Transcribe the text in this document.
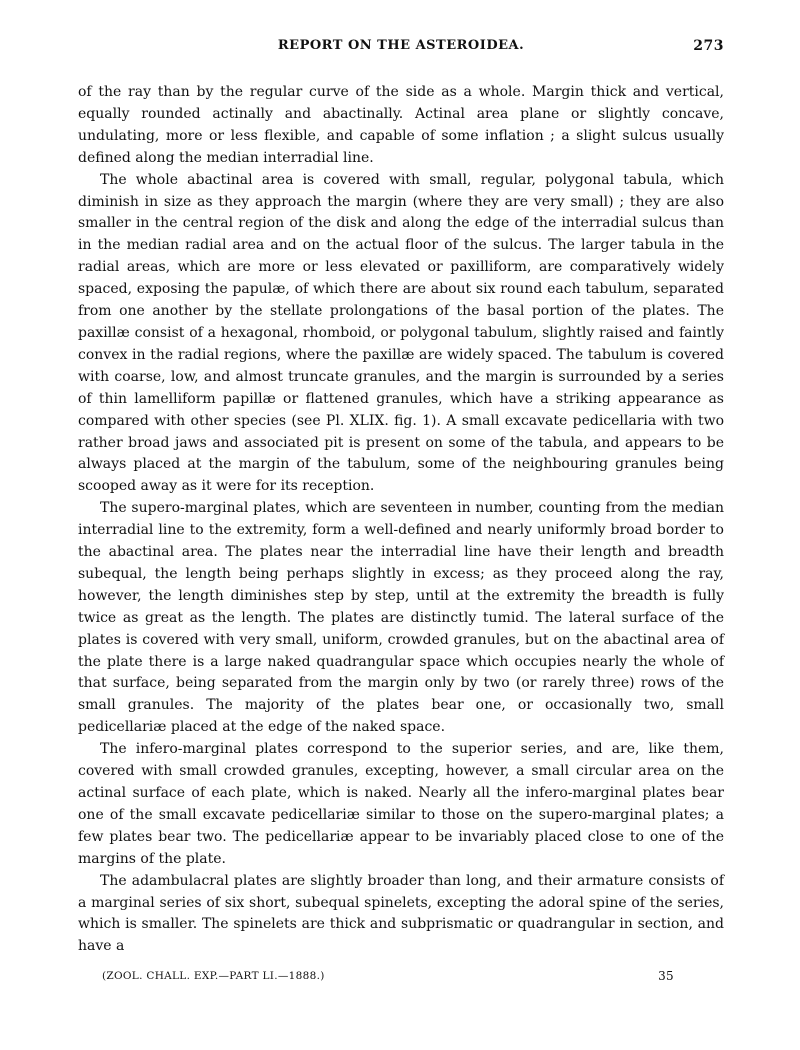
REPORT ON THE ASTEROIDEA.	273

of the ray than by the regular curve of the side as a whole. Margin thick and vertical, equally rounded actinally and abactinally. Actinal area plane or slightly concave, undulating, more or less flexible, and capable of some inflation ; a slight sulcus usually defined along the median interradial line.

The whole abactinal area is covered with small, regular, polygonal tabula, which diminish in size as they approach the margin (where they are very small) ; they are also smaller in the central region of the disk and along the edge of the interradial sulcus than in the median radial area and on the actual floor of the sulcus. The larger tabula in the radial areas, which are more or less elevated or paxilliform, are comparatively widely spaced, exposing the papulæ, of which there are about six round each tabulum, separated from one another by the stellate prolongations of the basal portion of the plates. The paxillæ consist of a hexagonal, rhomboid, or polygonal tabulum, slightly raised and faintly convex in the radial regions, where the paxillæ are widely spaced. The tabulum is covered with coarse, low, and almost truncate granules, and the margin is surrounded by a series of thin lamelliform papillæ or flattened granules, which have a striking appearance as compared with other species (see Pl. XLIX. fig. 1). A small excavate pedicellaria with two rather broad jaws and associated pit is present on some of the tabula, and appears to be always placed at the margin of the tabulum, some of the neighbouring granules being scooped away as it were for its reception.

The supero-marginal plates, which are seventeen in number, counting from the median interradial line to the extremity, form a well-defined and nearly uniformly broad border to the abactinal area. The plates near the interradial line have their length and breadth subequal, the length being perhaps slightly in excess; as they proceed along the ray, however, the length diminishes step by step, until at the extremity the breadth is fully twice as great as the length. The plates are distinctly tumid. The lateral surface of the plates is covered with very small, uniform, crowded granules, but on the abactinal area of the plate there is a large naked quadrangular space which occupies nearly the whole of that surface, being separated from the margin only by two (or rarely three) rows of the small granules. The majority of the plates bear one, or occasionally two, small pedicellariæ placed at the edge of the naked space.

The infero-marginal plates correspond to the superior series, and are, like them, covered with small crowded granules, excepting, however, a small circular area on the actinal surface of each plate, which is naked. Nearly all the infero-marginal plates bear one of the small excavate pedicellariæ similar to those on the supero-marginal plates; a few plates bear two. The pedicellariæ appear to be invariably placed close to one of the margins of the plate.

The adambulacral plates are slightly broader than long, and their armature consists of a marginal series of six short, subequal spinelets, excepting the adoral spine of the series, which is smaller. The spinelets are thick and subprismatic or quadrangular in section, and have a

(ZOOL. CHALL. EXP.—PART LI.—1888.)	35
